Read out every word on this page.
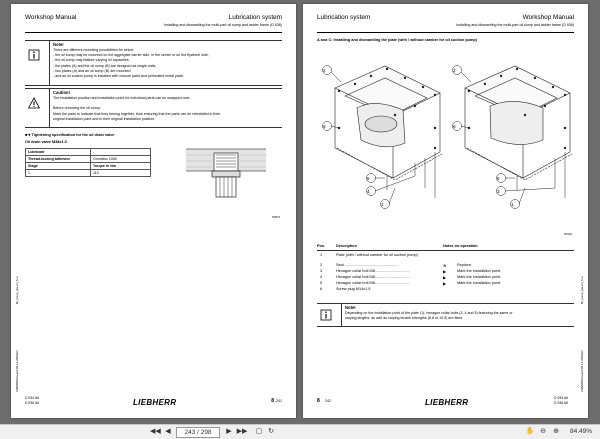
Workshop Manual	Lubrication system
Installing and dismantling the multi-part oil sump and ladder frame (D 938)
Note!
There are different mounting possibilities for which:
- the oil sump may be mounted on the aggregate carrier side, in the centre or on the flywheel side,
- the oil sump may feature varying oil capacities,
- the plates (A) and the oil sump (B) are designed as single units,
- two plates (A) and an oil sump (B) are mounted
- and an oil suction pump is installed with closure parts and perforated metal plate.
Caution!
The installation position and installation point for individual parts can be swapped over.

Before removing the oil sump:
Mark the parts to indicate that they belong together, thus ensuring that the parts can be reinstalled in their
original installation point and in their original installation position.
■➜ Tightening specification for the oil drain valve
Oil drain valve M38x1.5
Lubricant	-
Thread-locking adhesive	Omnivisc 1050
Stage	Torque in Nm
1.	110
f46873
BI_issue_lpa-en_5-a
LWM08D/Issued 08.12.2009/en
D 934 A6
D 936 A6	LIEBHERR	8 241
Lubrication system	Workshop Manual
Installing and dismantling the multi-part oil sump and ladder frame (D 938)
A and C: Installing and dismantling the plate (with / without camber for oil suction pump)
2
6
5
4
1
2
6
5
3
1
f45181
Pos.	Description	Notes on operation
1	Plate (with / without camber for oil suction pump)
2	Seal....................................................	⊗	Replace.
3	Hexagon collar bolt M8.................................	▶	Mark the installation point.
4	Hexagon collar bolt M8.................................	▶	Mark the installation point.
5	Hexagon collar bolt M8.................................	▶	Mark the installation point.
6	Screw plug M14x1.5
Note!
Depending on the installation point of the plate (1), hexagon collar bolts (3, 4 and 5) featuring the same or
varying lengths, as well as varying tensile strengths (8.8 or 10.9) are fitted.
BI_issue_lpa-en_5-a
LWM08D/Issued 08.12.2009/en
8 242	LIEBHERR	D 934 A6
D 936 A6
◀◀ ◀	243 / 298	▶ ▶▶ ▢ ↻	✋ ⊖ ⊕	84.49%
